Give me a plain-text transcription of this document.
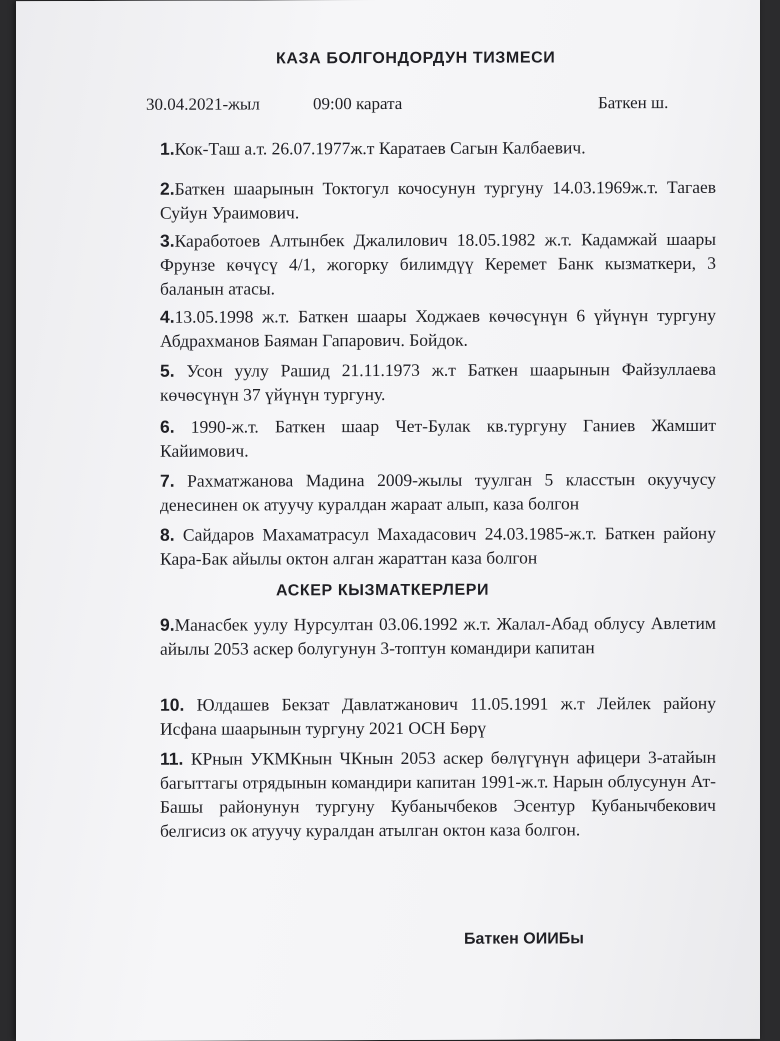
КАЗА БОЛГОНДОРДУН ТИЗМЕСИ
30.04.2021-жыл	09:00 карата	Баткен ш.
1.Кок-Таш а.т. 26.07.1977ж.т Каратаев Сагын Калбаевич.
2.Баткен шаарынын Токтогул кочосунун тургуну 14.03.1969ж.т. Тагаев Суйун Ураимович.
3.Каработоев Алтынбек Джалилович 18.05.1982 ж.т. Кадамжай шаары Фрунзе көчүсү 4/1, жогорку билимдүү Керемет Банк кызматкери, 3 баланын атасы.
4.13.05.1998 ж.т. Баткен шаары Ходжаев көчөсүнүн 6 үйүнүн тургуну Абдрахманов Баяман Гапарович. Бойдок.
5. Усон уулу Рашид 21.11.1973 ж.т Баткен шаарынын Файзуллаева көчөсүнүн 37 үйүнүн тургуну.
6. 1990-ж.т. Баткен шаар Чет-Булак кв.тургуну Ганиев Жамшит Кайимович.
7. Рахматжанова Мадина 2009-жылы туулган 5 класстын окуучусу денесинен ок атуучу куралдан жараат алып, каза болгон
8. Сайдаров Махаматрасул Махадасович 24.03.1985-ж.т. Баткен району Кара-Бак айылы октон алган жараттан каза болгон
АСКЕР КЫЗМАТКЕРЛЕРИ
9.Манасбек уулу Нурсултан 03.06.1992 ж.т. Жалал-Абад облусу Авлетим айылы 2053 аскер болугунун 3-топтун командири капитан
10. Юлдашев Бекзат Давлатжанович 11.05.1991 ж.т Лейлек району Исфана шаарынын тургуну 2021 ОСН Бөрү
11. КРнын УКМКнын ЧКнын 2053 аскер бөлүгүнүн афицери 3-атайын багыттагы отрядынын командири капитан 1991-ж.т. Нарын облусунун Ат-Башы районунун тургуну Кубанычбеков Эсентур Кубанычбекович белгисиз ок атуучу куралдан атылган октон каза болгон.
Баткен ОИИБы
